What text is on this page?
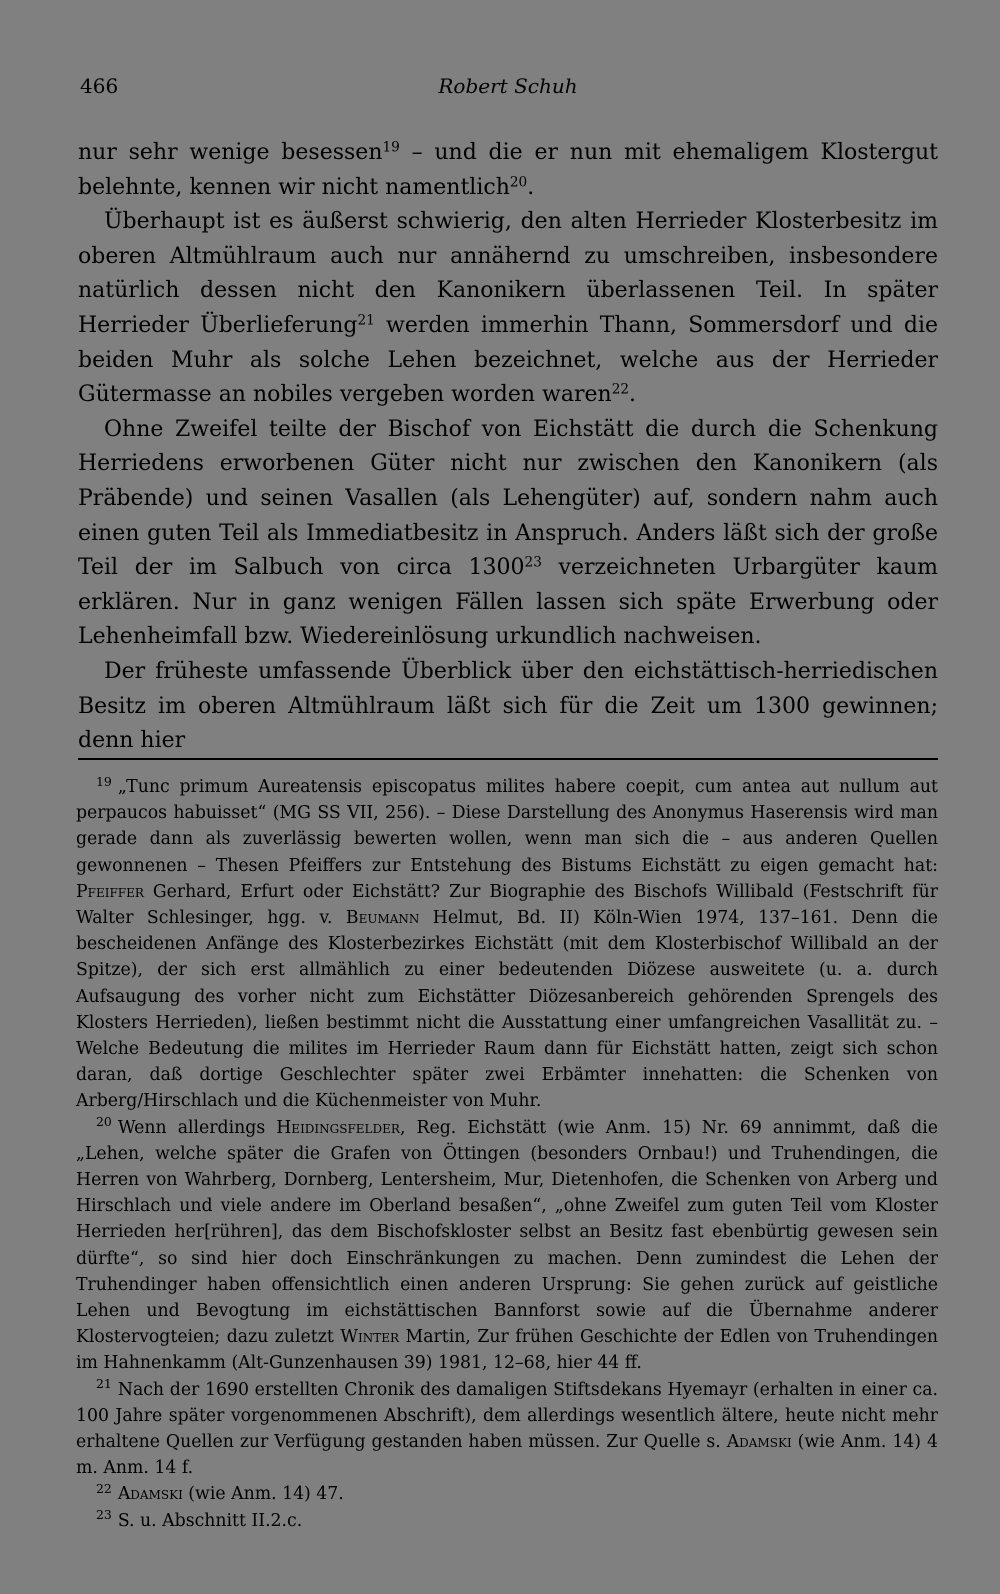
466	Robert Schuh

nur sehr wenige besessen$^{19}$ – und die er nun mit ehemaligem Klostergut belehnte, kennen wir nicht namentlich$^{20}$.

Überhaupt ist es äußerst schwierig, den alten Herrieder Klosterbesitz im oberen Altmühlraum auch nur annähernd zu umschreiben, insbesondere natürlich dessen nicht den Kanonikern überlassenen Teil. In später Herrieder Überlieferung$^{21}$ werden immerhin Thann, Sommersdorf und die beiden Muhr als solche Lehen bezeichnet, welche aus der Herrieder Gütermasse an nobiles vergeben worden waren$^{22}$.

Ohne Zweifel teilte der Bischof von Eichstätt die durch die Schenkung Herriedens erworbenen Güter nicht nur zwischen den Kanonikern (als Präbende) und seinen Vasallen (als Lehengüter) auf, sondern nahm auch einen guten Teil als Immediatbesitz in Anspruch. Anders läßt sich der große Teil der im Salbuch von circa 1300$^{23}$ verzeichneten Urbargüter kaum erklären. Nur in ganz wenigen Fällen lassen sich späte Erwerbung oder Lehenheimfall bzw. Wiedereinlösung urkundlich nachweisen.

Der früheste umfassende Überblick über den eichstättisch-herriedischen Besitz im oberen Altmühlraum läßt sich für die Zeit um 1300 gewinnen; denn hier

$^{19}$ „Tunc primum Aureatensis episcopatus milites habere coepit, cum antea aut nullum aut perpaucos habuisset“ (MG SS VII, 256). – Diese Darstellung des Anonymus Haserensis wird man gerade dann als zuverlässig bewerten wollen, wenn man sich die – aus anderen Quellen gewonnenen – Thesen Pfeiffers zur Entstehung des Bistums Eichstätt zu eigen gemacht hat: Pfeiffer Gerhard, Erfurt oder Eichstätt? Zur Biographie des Bischofs Willibald (Festschrift für Walter Schlesinger, hgg. v. Beumann Helmut, Bd. II) Köln-Wien 1974, 137–161. Denn die bescheidenen Anfänge des Klosterbezirkes Eichstätt (mit dem Klosterbischof Willibald an der Spitze), der sich erst allmählich zu einer bedeutenden Diözese ausweitete (u. a. durch Aufsaugung des vorher nicht zum Eichstätter Diözesanbereich gehörenden Sprengels des Klosters Herrieden), ließen bestimmt nicht die Ausstattung einer umfangreichen Vasallität zu. – Welche Bedeutung die milites im Herrieder Raum dann für Eichstätt hatten, zeigt sich schon daran, daß dortige Geschlechter später zwei Erbämter innehatten: die Schenken von Arberg/Hirschlach und die Küchenmeister von Muhr.

$^{20}$ Wenn allerdings Heidingsfelder, Reg. Eichstätt (wie Anm. 15) Nr. 69 annimmt, daß die „Lehen, welche später die Grafen von Öttingen (besonders Ornbau!) und Truhendingen, die Herren von Wahrberg, Dornberg, Lentersheim, Mur, Dietenhofen, die Schenken von Arberg und Hirschlach und viele andere im Oberland besaßen“, „ohne Zweifel zum guten Teil vom Kloster Herrieden her[rühren], das dem Bischofskloster selbst an Besitz fast ebenbürtig gewesen sein dürfte“, so sind hier doch Einschränkungen zu machen. Denn zumindest die Lehen der Truhendinger haben offensichtlich einen anderen Ursprung: Sie gehen zurück auf geistliche Lehen und Bevogtung im eichstättischen Bannforst sowie auf die Übernahme anderer Klostervogteien; dazu zuletzt Winter Martin, Zur frühen Geschichte der Edlen von Truhendingen im Hahnenkamm (Alt-Gunzenhausen 39) 1981, 12–68, hier 44 ff.

$^{21}$ Nach der 1690 erstellten Chronik des damaligen Stiftsdekans Hyemayr (erhalten in einer ca. 100 Jahre später vorgenommenen Abschrift), dem allerdings wesentlich ältere, heute nicht mehr erhaltene Quellen zur Verfügung gestanden haben müssen. Zur Quelle s. Adamski (wie Anm. 14) 4 m. Anm. 14 f.

$^{22}$ Adamski (wie Anm. 14) 47.

$^{23}$ S. u. Abschnitt II.2.c.
